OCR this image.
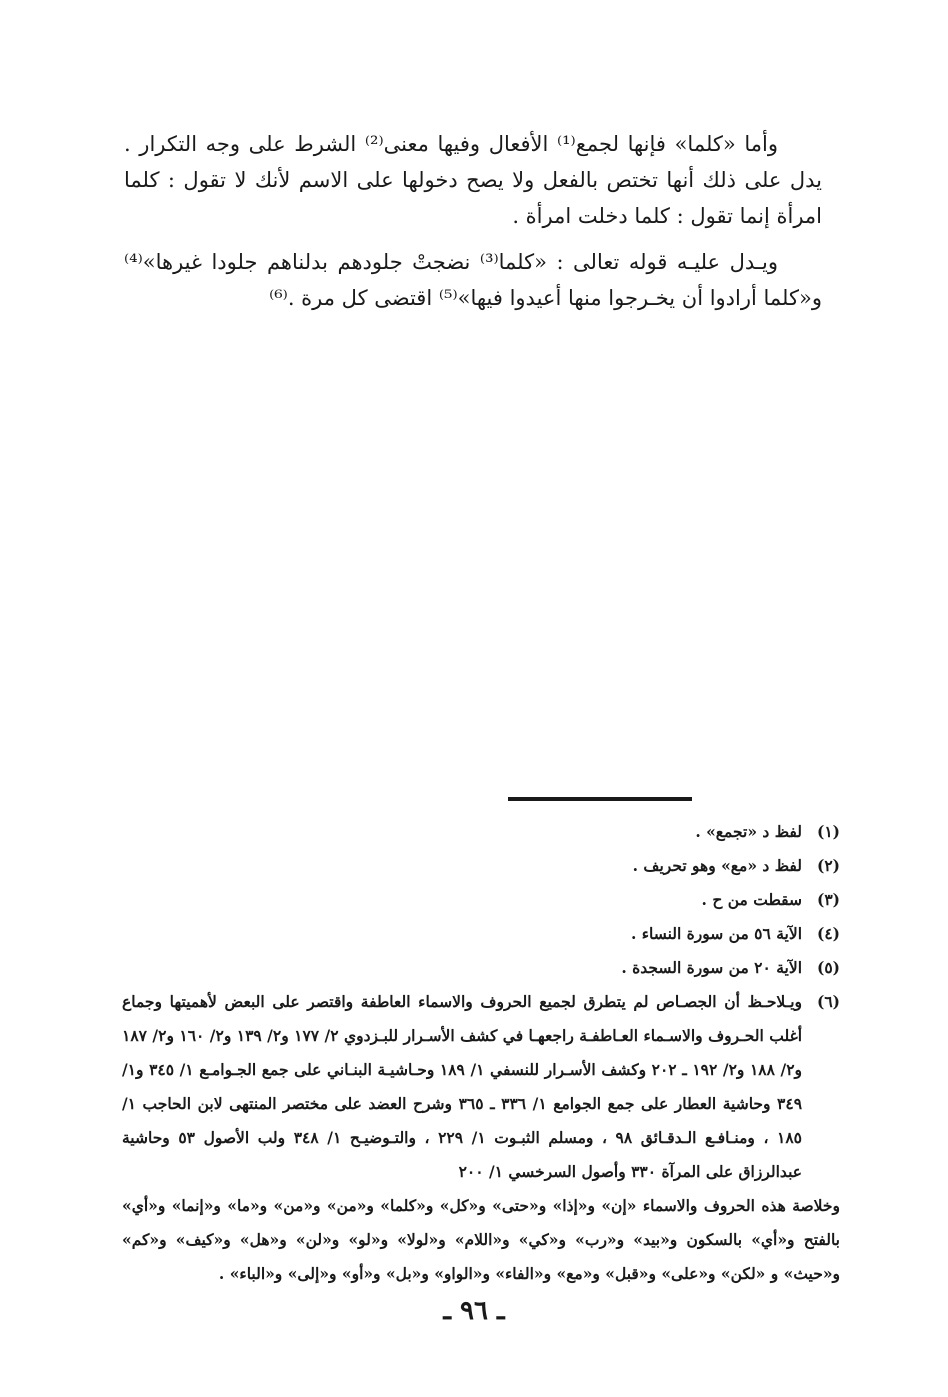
وأما «كلما» فإنها لجمع⁽¹⁾ الأفعال وفيها معنى⁽²⁾ الشرط على وجه التكرار . يدل على ذلك أنها تختص بالفعل ولا يصح دخولها على الاسم لأنك لا تقول : كلما امرأة إنما تقول : كلما دخلت امرأة .

ويـدل عليـه قوله تعالى : «كلما⁽³⁾ نضجتْ جلودهم بدلناهم جلودا غيرها»⁽⁴⁾ و«كلما أرادوا أن يخـرجوا منها أعيدوا فيها»⁽⁵⁾ اقتضى كل مرة .⁽⁶⁾

(١)
لفظ د «تجمع» .
(٢)
لفظ د «مع» وهو تحريف .
(٣)
سقطت من ح .
(٤)
الآية ٥٦ من سورة النساء .
(٥)
الآية ٢٠ من سورة السجدة .
(٦)
ويـلاحـظ أن الجصـاص لم يتطرق لجميع الحروف والاسماء العاطفة واقتصر على البعض لأهميتها وجماع أغلب الحـروف والاسـماء العـاطفـة راجعهـا في كشف الأسـرار للبـزدوي ٢/ ١٧٧ و٢/ ١٣٩ و٢/ ١٦٠ و٢/ ١٨٧ و٢/ ١٨٨ و٢/ ١٩٢ ـ ٢٠٢ وكشف الأسـرار للنسفي ١/ ١٨٩ وحـاشيـة البنـاني على جمع الجـوامـع ١/ ٣٤٥ و١/ ٣٤٩ وحاشية العطار على جمع الجوامع ١/ ٣٣٦ ـ ٣٦٥ وشرح العضد على مختصر المنتهى لابن الحاجب ١/ ١٨٥ ، ومنـافـع الـدقـائق ٩٨ ، ومسلم الثبـوت ١/ ٢٢٩ ، والتـوضيـح ١/ ٣٤٨ ولب الأصول ٥٣ وحاشية عبدالرزاق على المرآة ٣٣٠ وأصول السرخسي ١/ ٢٠٠
وخلاصة هذه الحروف والاسماء «إن» و«إذا» و«حتى» و«كل» و«كلما» و«من» و«من» و«ما» و«إنما» و«أي» بالفتح و«أي» بالسكون و«بيد» و«رب» و«كي» و«اللام» و«لولا» و«لو» و«لن» و«هل» و«كيف» و«كم» و«حيث» و «لكن» و«على» و«قبل» و«مع» و«الفاء» و«الواو» و«بل» و«أو» و«إلى» و«الباء» .
ـ ٩٦ ـ
